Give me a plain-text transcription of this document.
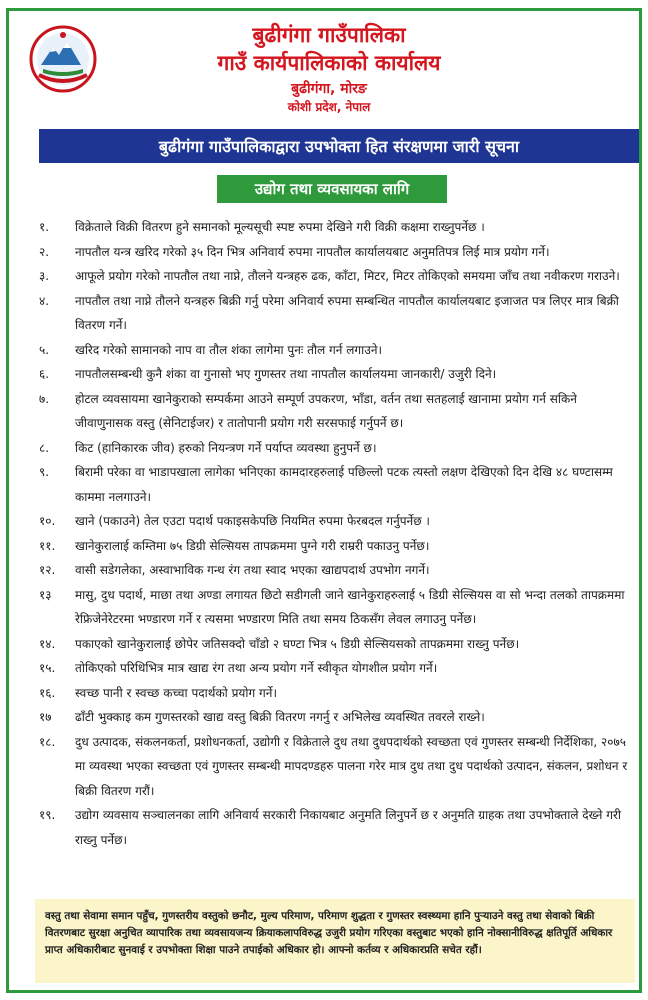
बुढीगंगा गाउँपालिका
गाउँ कार्यपालिकाको कार्यालय
बुढीगंगा, मोरङ
कोशी प्रदेश, नेपाल
बुढीगंगा गाउँपालिकाद्वारा उपभोक्ता हित संरक्षणमा जारी सूचना
उद्योग तथा व्यवसायका लागि
१.	विक्रेताले विक्री वितरण हुने समानको मूल्यसूची स्पष्ट रुपमा देखिने गरी विक्री कक्षमा राख्नुपर्नेछ ।
२.	नापतौल यन्त्र खरिद गरेको ३५ दिन भित्र अनिवार्य रुपमा नापतौल कार्यालयबाट अनुमतिपत्र लिई मात्र प्रयोग गर्ने।
३.	आफूले प्रयोग गरेको नापतौल तथा नाप्ने, तौलने यन्त्रहरु ढक, काँटा, मिटर, मिटर तोकिएको समयमा जाँच तथा नवीकरण गराउने।
४.	नापतौल तथा नाप्ने तौलने यन्त्रहरु बिक्री गर्नु परेमा अनिवार्य रुपमा सम्बन्धित नापतौल कार्यालयबाट इजाजत पत्र लिएर मात्र बिक्री वितरण गर्ने।
५.	खरिद गरेको सामानको नाप वा तौल शंका लागेमा पुनः तौल गर्न लगाउने।
६.	नापतौलसम्बन्धी कुनै शंका वा गुनासो भए गुणस्तर तथा नापतौल कार्यालयमा जानकारी/ उजुरी दिने।
७.	होटल व्यवसायमा खानेकुराको सम्पर्कमा आउने सम्पूर्ण उपकरण, भाँडा, वर्तन तथा सतहलाई खानामा प्रयोग गर्न सकिने जीवाणुनासक वस्तु (सेनिटाईजर) र तातोपानी प्रयोग गरी सरसफाई गर्नुपर्ने छ।
८.	किट (हानिकारक जीव) हरुको नियन्त्रण गर्ने पर्याप्त व्यवस्था हुनुपर्ने छ।
९.	बिरामी परेका वा भाडापखाला लागेका भनिएका कामदारहरुलाई पछिल्लो पटक त्यस्तो लक्षण देखिएको दिन देखि ४८ घण्टासम्म काममा नलगाउने।
१०.	खाने (पकाउने) तेल एउटा पदार्थ पकाइसकेपछि नियमित रुपमा फेरबदल गर्नुपर्नेछ ।
११.	खानेकुरालाई कम्तिमा ७५ डिग्री सेल्सियस तापक्रममा पुग्ने गरी राम्ररी पकाउनु पर्नेछ।
१२.	वासी सडेगलेका, अस्वाभाविक गन्ध रंग तथा स्वाद भएका खाद्यपदार्थ उपभोग नगर्ने।
१३	मासु, दुध पदार्थ, माछा तथा अण्डा लगायत छिटो सडीगली जाने खानेकुराहरुलाई ५ डिग्री सेल्सियस वा सो भन्दा तलको तापक्रममा रेफ्रिजेनेरेटरमा भण्डारण गर्ने र त्यसमा भण्डारण मिति तथा समय ठिकसँग लेवल लगाउनु पर्नेछ।
१४.	पकाएको खानेकुरालाई छोपेर जतिसक्दो चाँडो २ घण्टा भित्र ५ डिग्री सेल्सियसको तापक्रममा राख्नु पर्नेछ।
१५.	तोकिएको परिधिभित्र मात्र खाद्य रंग तथा अन्य प्रयोग गर्ने स्वीकृत योगशील प्रयोग गर्ने।
१६.	स्वच्छ पानी र स्वच्छ कच्चा पदार्थको प्रयोग गर्ने।
१७	ढाँटी भुक्काइ कम गुणस्तरको खाद्य वस्तु बिक्री वितरण नगर्नु र अभिलेख व्यवस्थित तवरले राख्ने।
१८.	दुध उत्पादक, संकलनकर्ता, प्रशोधनकर्ता, उद्योगी र विक्रेताले दुध तथा दुधपदार्थको स्वच्छता एवं गुणस्तर सम्बन्धी निर्देशिका, २०७५ मा व्यवस्था भएका स्वच्छता एवं गुणस्तर सम्बन्धी मापदण्डहरु पालना गरेर मात्र दुध तथा दुध पदार्थको उत्पादन, संकलन, प्रशोधन र बिक्री वितरण गरौं।
१९.	उद्योग व्यवसाय सञ्चालनका लागि अनिवार्य सरकारी निकायबाट अनुमति लिनुपर्ने छ र अनुमति ग्राहक तथा उपभोक्ताले देख्ने गरी राख्नु पर्नेछ।
वस्तु तथा सेवामा समान पहुँच, गुणस्तरीय वस्तुको छनौट, मुल्य परिमाण, परिमाण शुद्धता र गुणस्तर स्वस्थ्यमा हानि पुऱ्याउने वस्तु तथा सेवाको बिक्री वितरणबाट सुरक्षा अनुचित व्यापारिक तथा व्यवसायजन्य क्रियाकलापविरुद्ध उजुरी प्रयोग गरिएका वस्तुबाट भएको हानि नोक्सानीविरुद्ध क्षतिपूर्ति अधिकार प्राप्त अधिकारीबाट सुनवाई र उपभोक्ता शिक्षा पाउने तपाईको अधिकार हो। आफ्नो कर्तव्य र अधिकारप्रति सचेत रहौं।
